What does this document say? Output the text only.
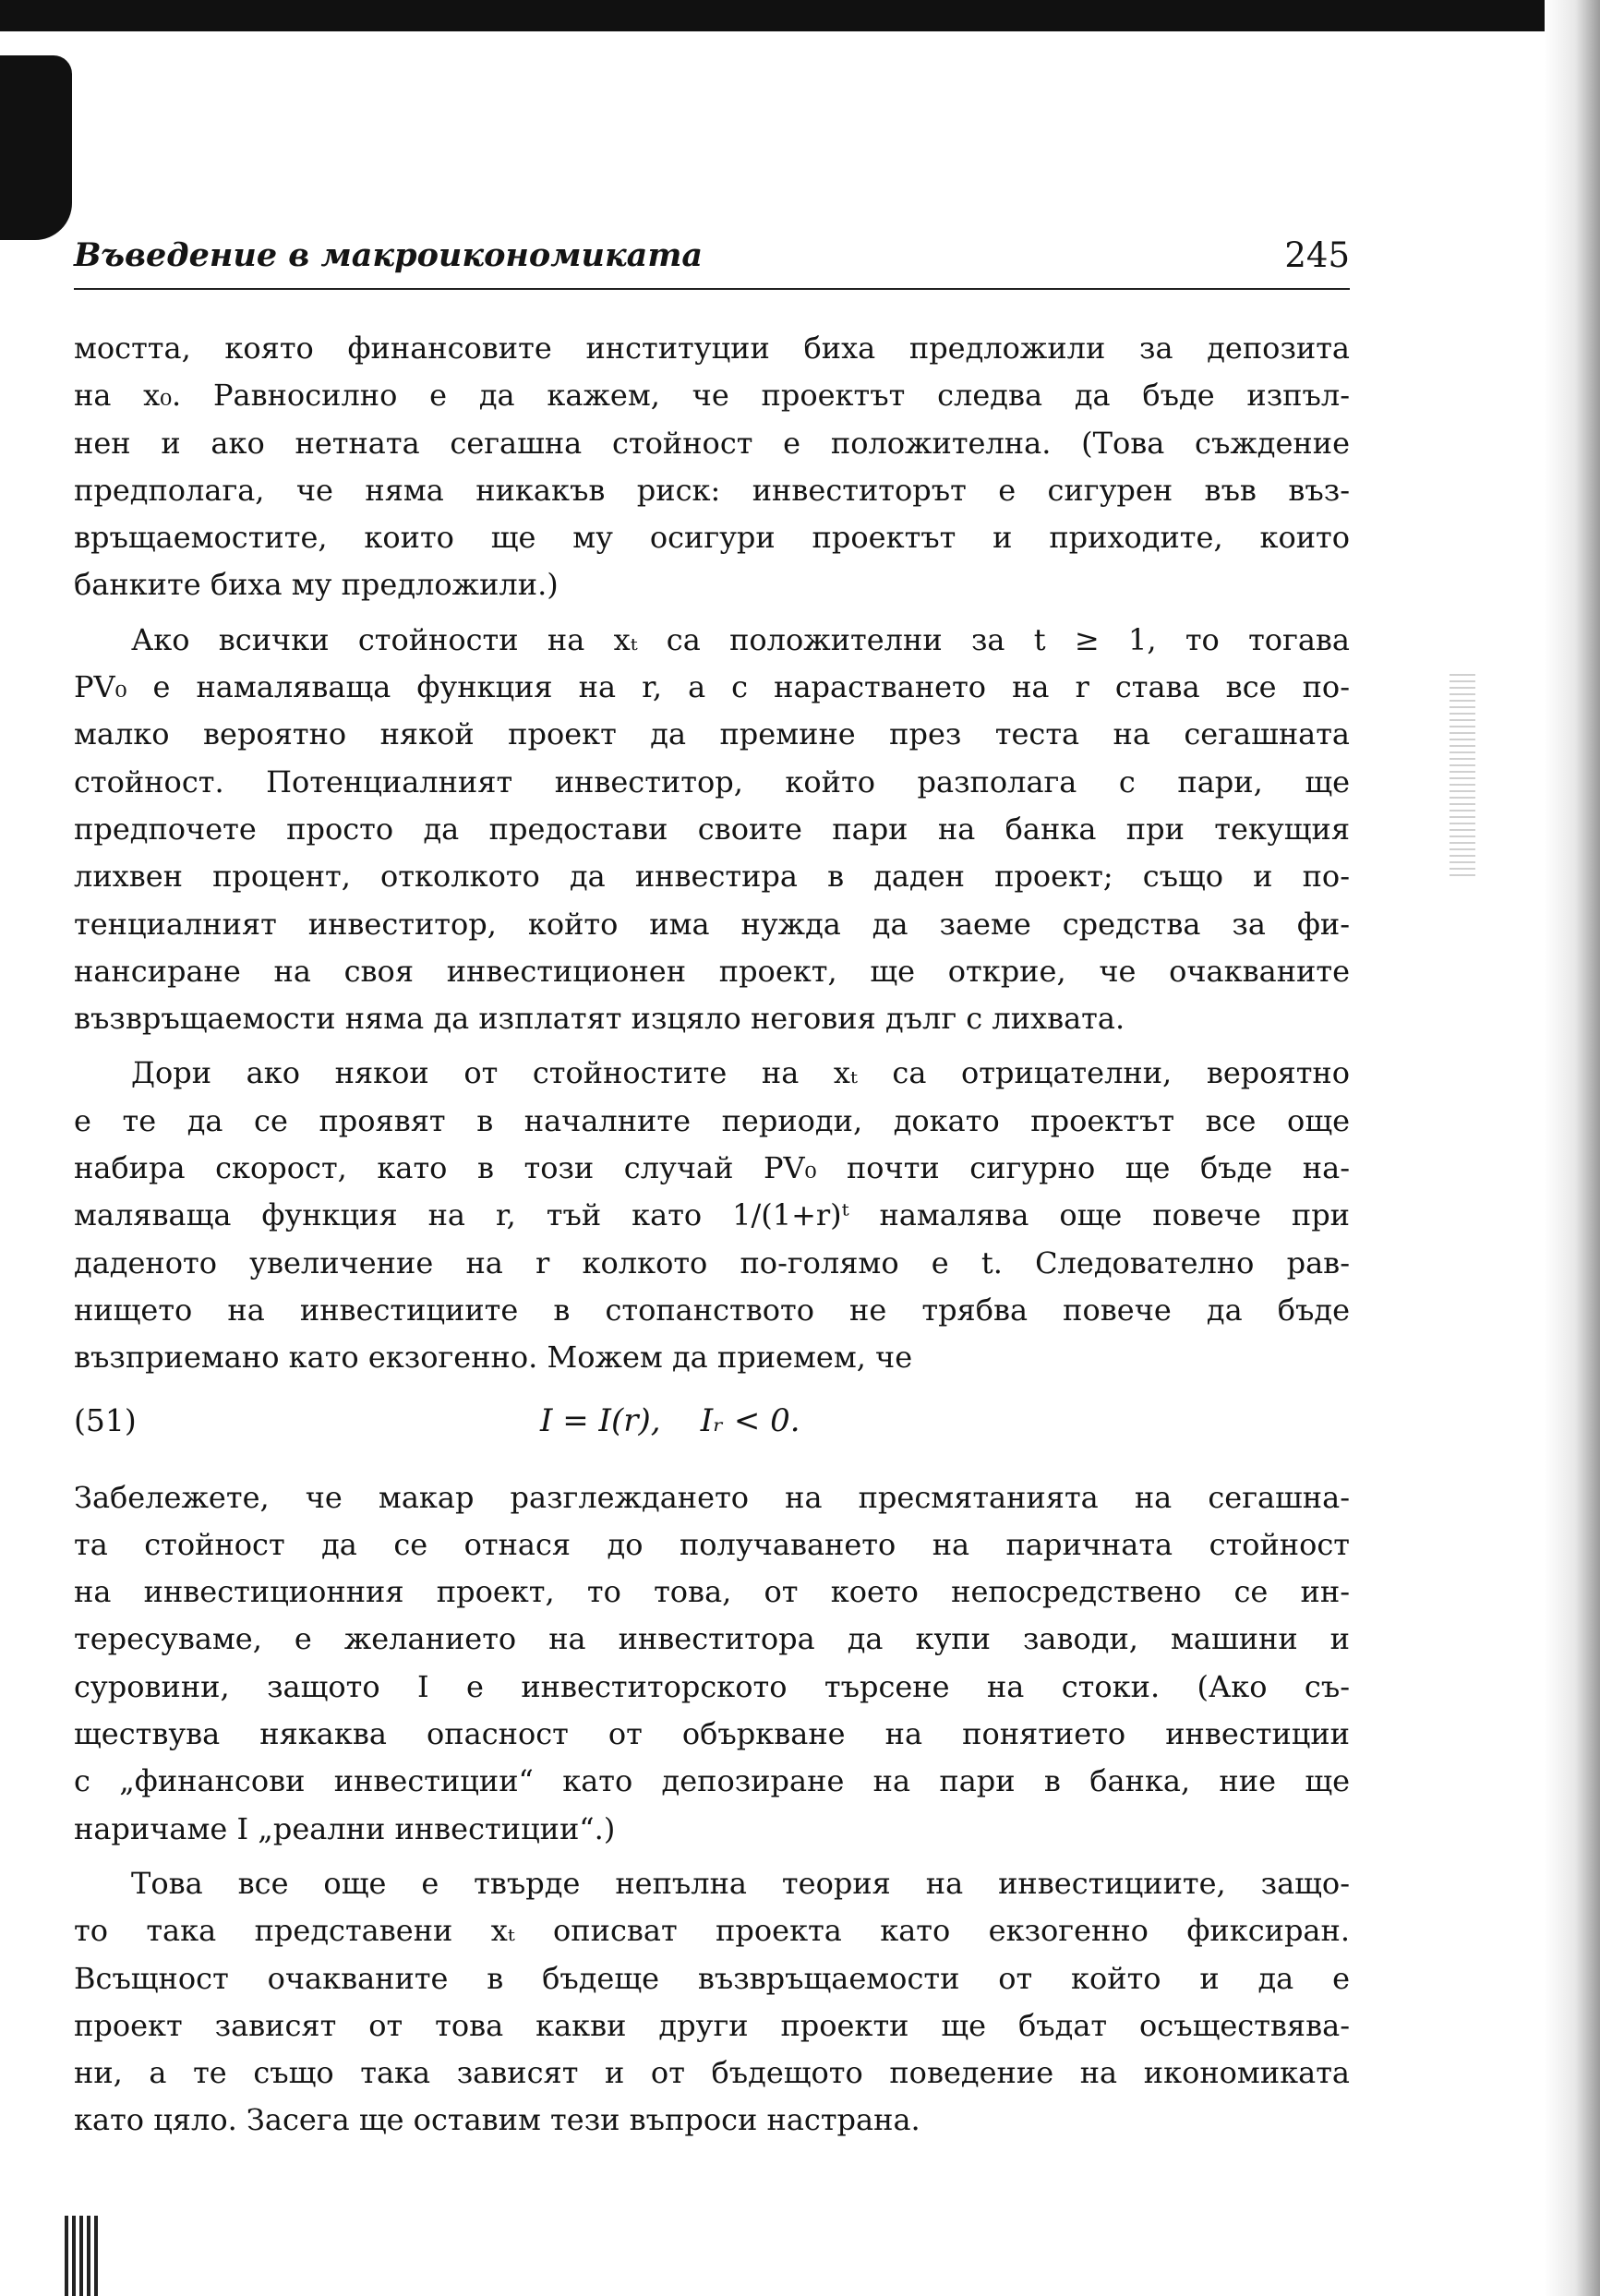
Въведение в макроикономиката	245
мостта, която финансовите институции биха предложили за депозита
на x₀. Равносилно е да кажем, че проектът следва да бъде изпъл-
нен и ако нетната сегашна стойност е положителна. (Това съждение
предполага, че няма никакъв риск: инвеститорът е сигурен във въз-
връщаемостите, които ще му осигури проектът и приходите, които
банките биха му предложили.)
Ако всички стойности на xₜ са положителни за t ≥ 1, то тогава
PV₀ е намаляваща функция на r, а с нарастването на r става все по-
малко вероятно някой проект да премине през теста на сегашната
стойност. Потенциалният инвеститор, който разполага с пари, ще
предпочете просто да предостави своите пари на банка при текущия
лихвен процент, отколкото да инвестира в даден проект; също и по-
тенциалният инвеститор, който има нужда да заеме средства за фи-
нансиране на своя инвестиционен проект, ще открие, че очакваните
възвръщаемости няма да изплатят изцяло неговия дълг с лихвата.
Дори ако някои от стойностите на xₜ са отрицателни, вероятно
е те да се проявят в началните периоди, докато проектът все още
набира скорост, като в този случай PV₀ почти сигурно ще бъде на-
маляваща функция на r, тъй като 1/(1+r)ᵗ намалява още повече при
даденото увеличение на r колкото по-голямо е t. Следователно рав-
нището на инвестициите в стопанството не трябва повече да бъде
възприемано като екзогенно. Можем да приемем, че
(51)	I = I(r),    Iᵣ < 0.
Забележете, че макар разглеждането на пресмятанията на сегашна-
та стойност да се отнася до получаването на паричната стойност
на инвестиционния проект, то това, от което непосредствено се ин-
тересуваме, е желанието на инвеститора да купи заводи, машини и
суровини, защото I е инвеститорското търсене на стоки. (Ако съ-
ществува някаква опасност от объркване на понятието инвестиции
с „финансови инвестиции“ като депозиране на пари в банка, ние ще
наричаме I „реални инвестиции“.)
Това все още е твърде непълна теория на инвестициите, защо-
то така представени xₜ описват проекта като екзогенно фиксиран.
Всъщност очакваните в бъдеще възвръщаемости от който и да е
проект зависят от това какви други проекти ще бъдат осъществява-
ни, а те също така зависят и от бъдещото поведение на икономиката
като цяло. Засега ще оставим тези въпроси настрана.
